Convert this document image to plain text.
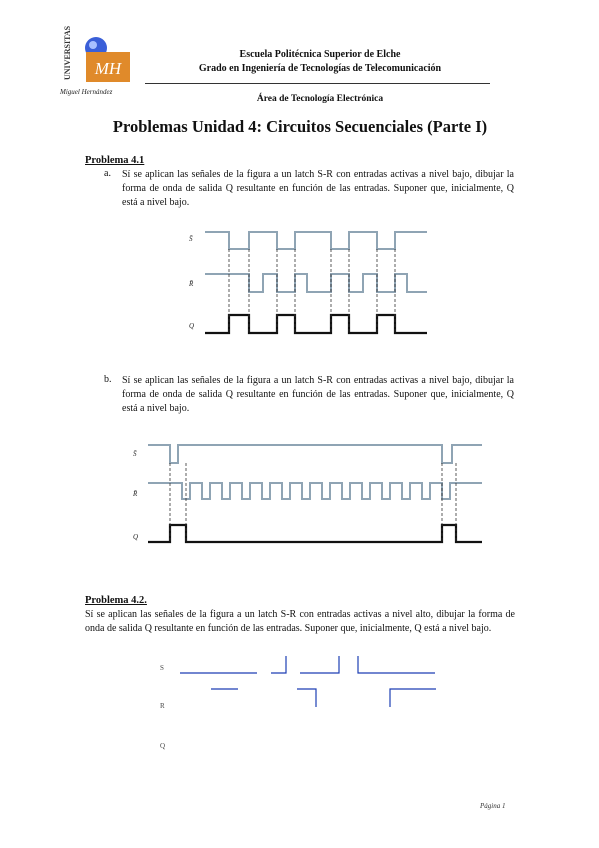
UNIVERSITAS MH
Miguel Hernández
Escuela Politécnica Superior de Elche
Grado en Ingeniería de Tecnologías de Telecomunicación
Área de Tecnología Electrónica
Problemas Unidad 4: Circuitos Secuenciales (Parte I)
Problema 4.1
a. Sí se aplican las señales de la figura a un latch S-R con entradas activas a nivel bajo, dibujar la forma de onda de salida Q resultante en función de las entradas. Suponer que, inicialmente, Q está a nivel bajo.
S̄
R̄
Q
b. Sí se aplican las señales de la figura a un latch S-R con entradas activas a nivel bajo, dibujar la forma de onda de salida Q resultante en función de las entradas. Suponer que, inicialmente, Q está a nivel bajo.
S̄
R̄
Q
Problema 4.2.
Sí se aplican las señales de la figura a un latch S-R con entradas activas a nivel alto, dibujar la forma de onda de salida Q resultante en función de las entradas. Suponer que, inicialmente, Q está a nivel bajo.
S
R
Q
Página 1
